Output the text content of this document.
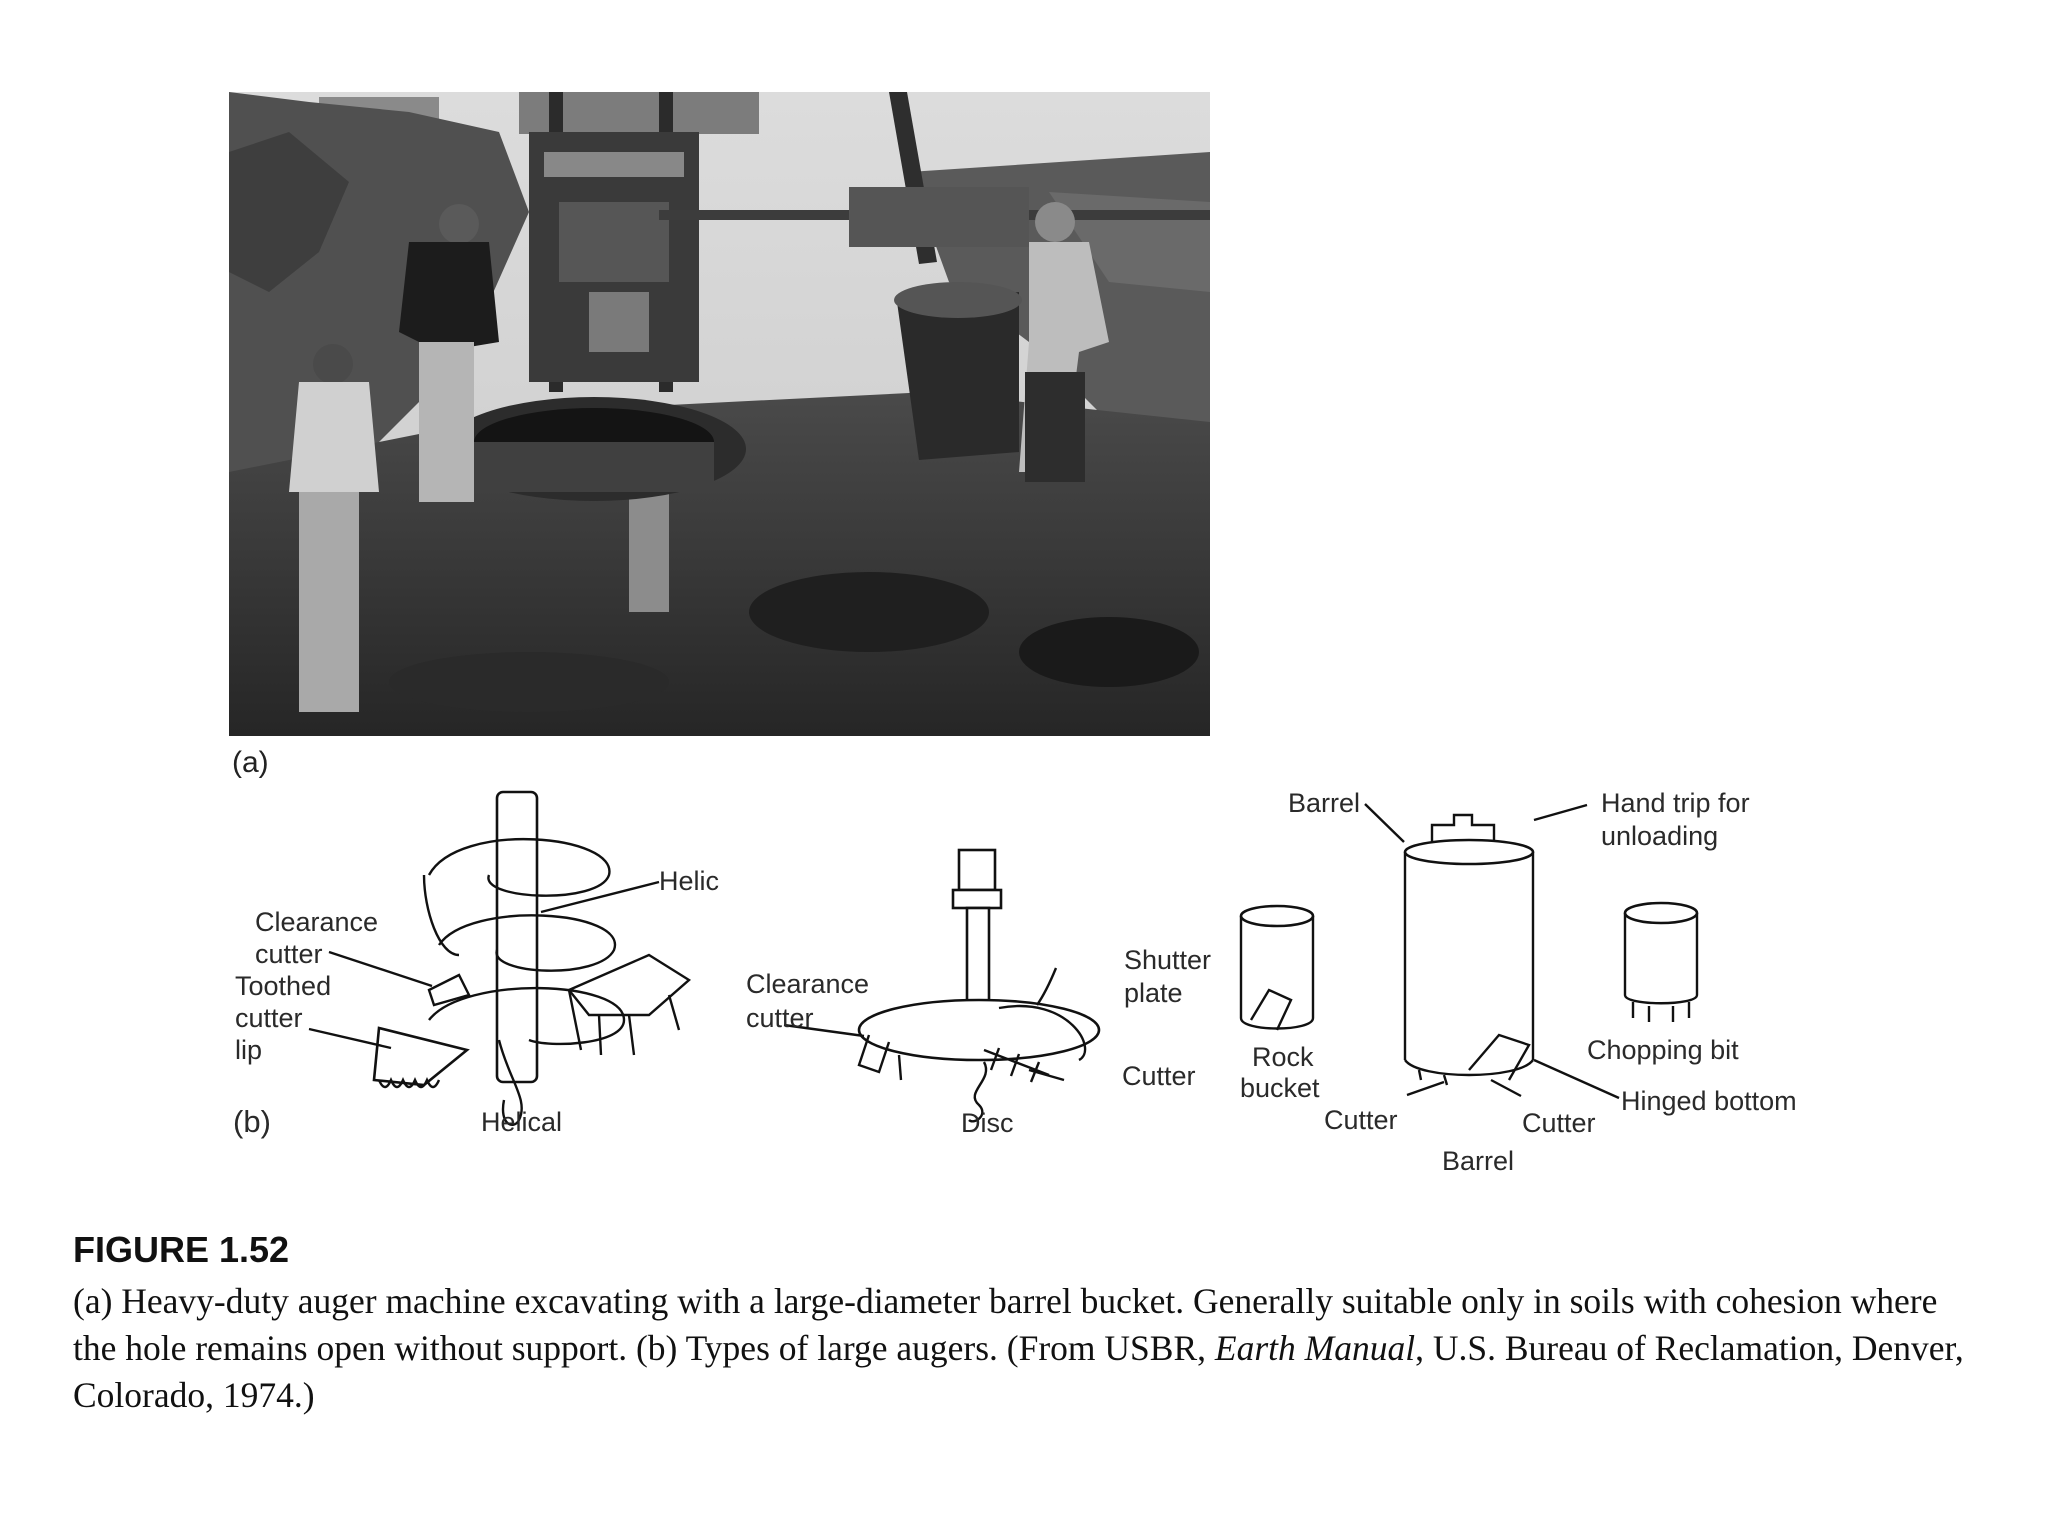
(a)
Helic
Clearance
cutter
Toothed
cutter
lip
Helical
(b)
Clearance
cutter
Shutter
plate
Cutter
Disc
Rock
bucket
Barrel	Hand trip for
unloading
Cutter	Cutter
Hinged bottom
Barrel
Chopping bit
FIGURE 1.52
(a) Heavy-duty auger machine excavating with a large-diameter barrel bucket. Generally suitable only in soils with cohesion where the hole remains open without support. (b) Types of large augers. (From USBR, Earth Manual, U.S. Bureau of Reclamation, Denver, Colorado, 1974.)
